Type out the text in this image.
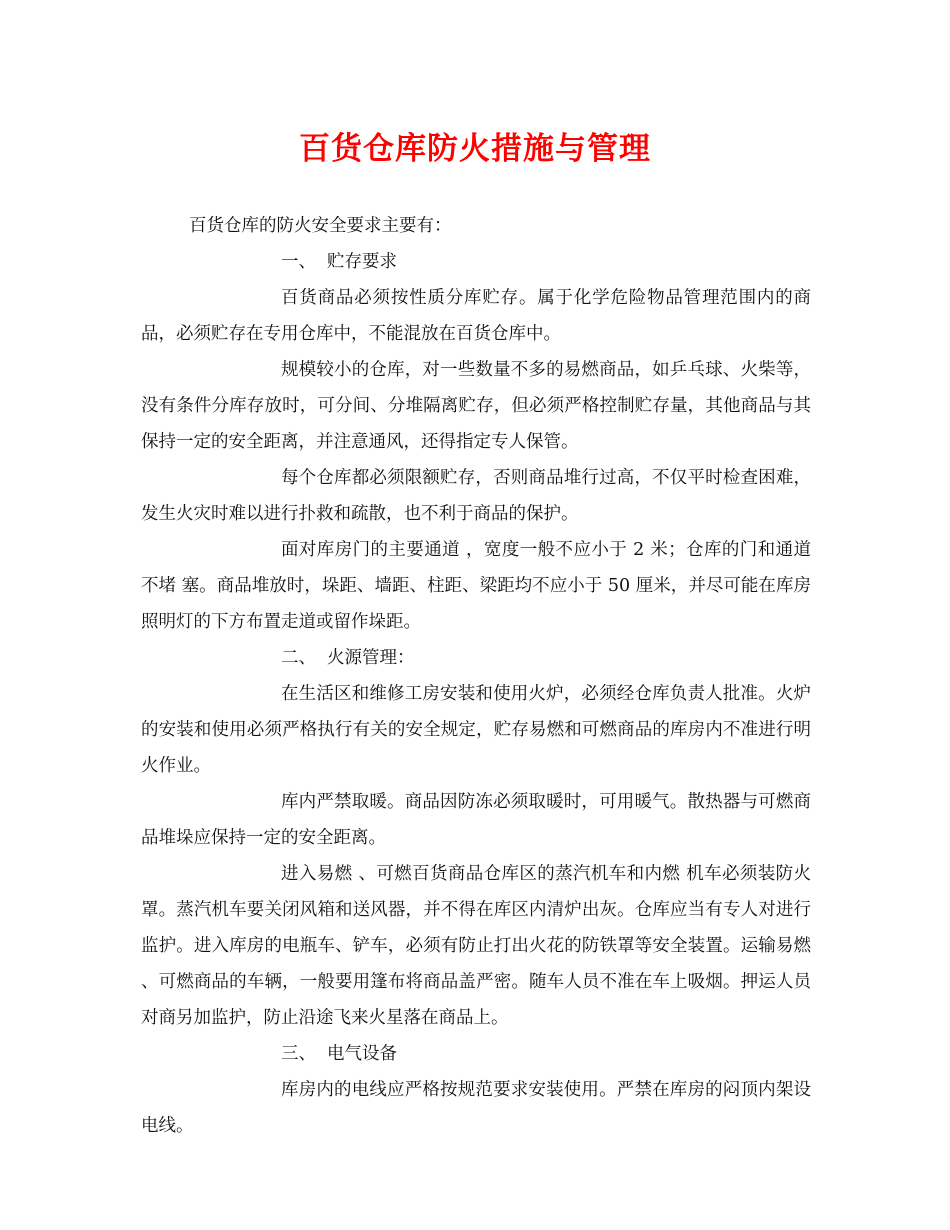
百货仓库防火措施与管理

百货仓库的防火安全要求主要有：

一、 贮存要求

百货商品必须按性质分库贮存。属于化学危险物品管理范围内的商品，必须贮存在专用仓库中，不能混放在百货仓库中。

规模较小的仓库，对一些数量不多的易燃商品，如乒乓球、火柴等，没有条件分库存放时，可分间、分堆隔离贮存，但必须严格控制贮存量，其他商品与其保持一定的安全距离，并注意通风，还得指定专人保管。

每个仓库都必须限额贮存，否则商品堆行过高，不仅平时检查困难，发生火灾时难以进行扑救和疏散，也不利于商品的保护。

面对库房门的主要通道 ，宽度一般不应小于 2 米；仓库的门和通道不堵 塞。商品堆放时，垛距、墙距、柱距、梁距均不应小于 50 厘米，并尽可能在库房照明灯的下方布置走道或留作垛距。

二、 火源管理：

在生活区和维修工房安装和使用火炉，必须经仓库负责人批准。火炉的安装和使用必须严格执行有关的安全规定，贮存易燃和可燃商品的库房内不准进行明火作业。

库内严禁取暖。商品因防冻必须取暖时，可用暖气。散热器与可燃商品堆垛应保持一定的安全距离。

进入易燃 、可燃百货商品仓库区的蒸汽机车和内燃 机车必须装防火罩。蒸汽机车要关闭风箱和送风器，并不得在库区内清炉出灰。仓库应当有专人对进行监护。进入库房的电瓶车、铲车，必须有防止打出火花的防铁罩等安全装置。运输易燃 、可燃商品的车辆，一般要用篷布将商品盖严密。随车人员不准在车上吸烟。押运人员对商另加监护，防止沿途飞来火星落在商品上。

三、 电气设备

库房内的电线应严格按规范要求安装使用。严禁在库房的闷顶内架设电线。
